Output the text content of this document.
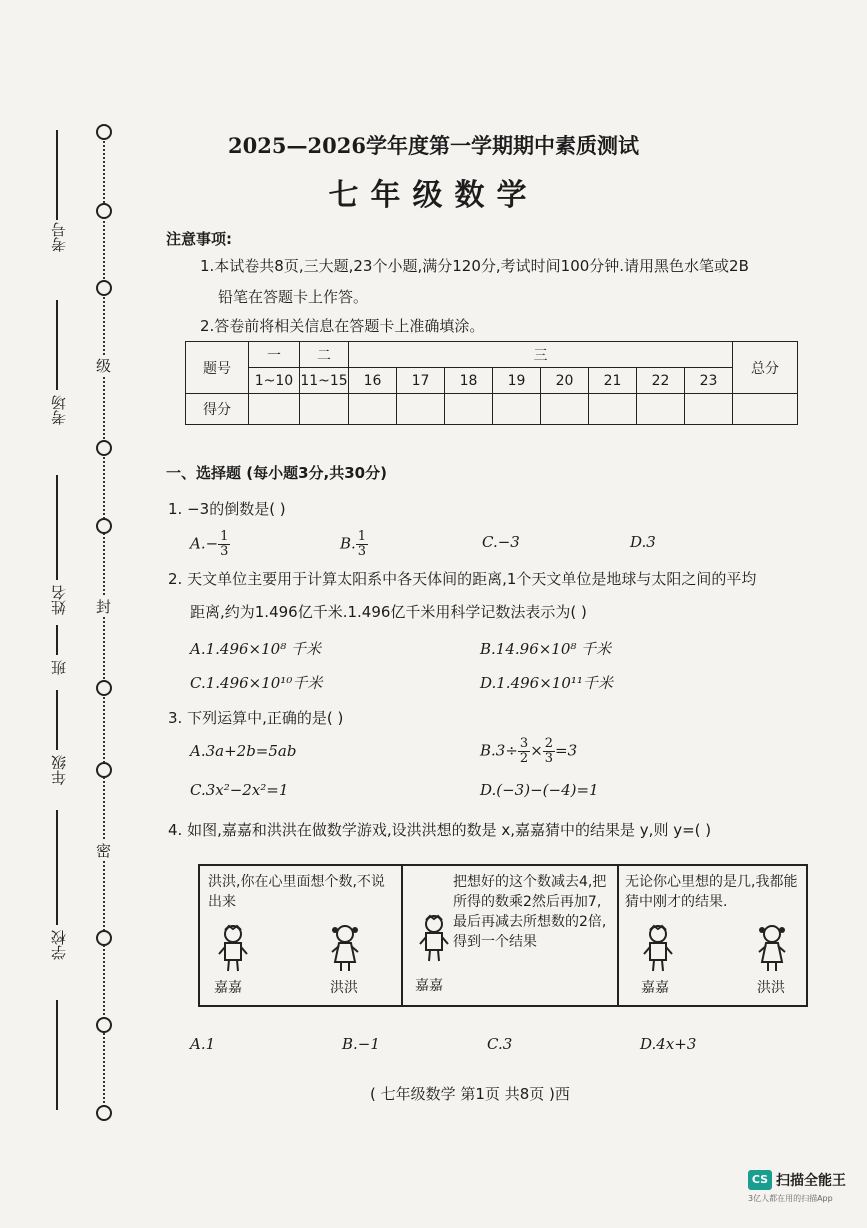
级
封
密
考号
考场
姓名
班
年级
学校
2025—2026学年度第一学期期中素质测试
七年级数学
注意事项:
1.本试卷共8页,三大题,23个小题,满分120分,考试时间100分钟.请用黑色水笔或2B
铅笔在答题卡上作答。
2.答卷前将相关信息在答题卡上准确填涂。
题号	一	二	三								总分
	1~10	11~15	16	17	18	19	20	21	22	23	
得分											
一、选择题 (每小题3分,共30分)
1. −3的倒数是( )
$A.- \frac{1}{3}$	B. $\frac{1}{3}$	C.−3	D.3
2. 天文单位主要用于计算太阳系中各天体间的距离,1个天文单位是地球与太阳之间的平均
距离,约为1.496亿千米.1.496亿千米用科学记数法表示为( )
A.1.496×10⁸ 千米	B.14.96×10⁸ 千米
C.1.496×10¹⁰千米	D.1.496×10¹¹千米
3. 下列运算中,正确的是( )
A.3a+2b=5ab	$B.3\div \frac{3}{2} \times \frac{2}{3} =3$
C.3x²−2x²=1	D.(−3)−(−4)=1
4. 如图,嘉嘉和洪洪在做数学游戏,设洪洪想的数是 x,嘉嘉猜中的结果是 y,则 y=( )
洪洪,你在心里面想个数,不说出来
嘉嘉	洪洪
把想好的这个数减去4,把所得的数乘2然后再加7,最后再减去所想数的2倍,得到一个结果
嘉嘉
无论你心里想的是几,我都能猜中刚才的结果.
嘉嘉	洪洪
A.1	B.−1	C.3	D.4x+3
( 七年级数学 第1页 共8页 )西
CS 扫描全能王
3亿人都在用的扫描App
